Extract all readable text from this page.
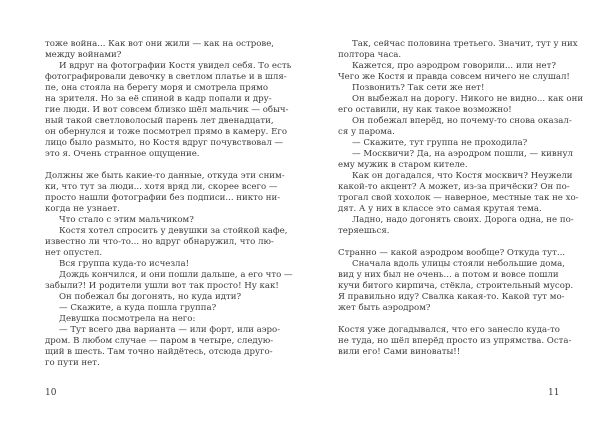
тоже война... Как вот они жили — как на острове,
между войнами?
И вдруг на фотографии Костя увидел себя. То есть
фотографировали девочку в светлом платье и в шля-
пе, она стояла на берегу моря и смотрела прямо
на зрителя. Но за её спиной в кадр попали и дру-
гие люди. И вот совсем близко шёл мальчик — обыч-
ный такой светловолосый парень лет двенадцати,
он обернулся и тоже посмотрел прямо в камеру. Его
лицо было размыто, но Костя вдруг почувствовал —
это я. Очень странное ощущение.
Должны же быть какие-то данные, откуда эти сним-
ки, что тут за люди... хотя вряд ли, скорее всего —
просто нашли фотографии без подписи... никто ни-
когда не узнает.
Что стало с этим мальчиком?
Костя хотел спросить у девушки за стойкой кафе,
известно ли что-то... но вдруг обнаружил, что лю-
нет опустел.
Вся группа куда-то исчезла!
Дождь кончился, и они пошли дальше, а его что —
забыли?! И родители ушли вот так просто! Ну как!
Он побежал бы догонять, но куда идти?
— Скажите, а куда пошла группа?
Девушка посмотрела на него:
— Тут всего два варианта — или форт, или аэро-
дром. В любом случае — паром в четыре, следую-
щий в шесть. Там точно найдётесь, отсюда друго-
го пути нет.
Так, сейчас половина третьего. Значит, тут у них
полтора часа.
Кажется, про аэродром говорили... или нет?
Чего же Костя и правда совсем ничего не слушал!
Позвонить? Так сети же нет!
Он выбежал на дорогу. Никого не видно... как они
его оставили, ну как такое возможно!
Он побежал вперёд, но почему-то снова оказал-
ся у парома.
— Скажите, тут группа не проходила?
— Москвичи? Да, на аэродром пошли, — кивнул
ему мужик в старом кителе.
Как он догадался, что Костя москвич? Неужели
какой-то акцент? А может, из-за причёски? Он по-
трогал свой хохолок — наверное, местные так не хо-
дят. А у них в классе это самая крутая тема.
Ладно, надо догонять своих. Дорога одна, не по-
теряешься.
Странно — какой аэродром вообще? Откуда тут...
Сначала вдоль улицы стояли небольшие дома,
вид у них был не очень... а потом и вовсе пошли
кучи битого кирпича, стёкла, строительный мусор.
Я правильно иду? Свалка какая-то. Какой тут мо-
жет быть аэродром?
Костя уже догадывался, что его занесло куда-то
не туда, но шёл вперёд просто из упрямства. Оста-
вили его! Сами виноваты!!
10	11
